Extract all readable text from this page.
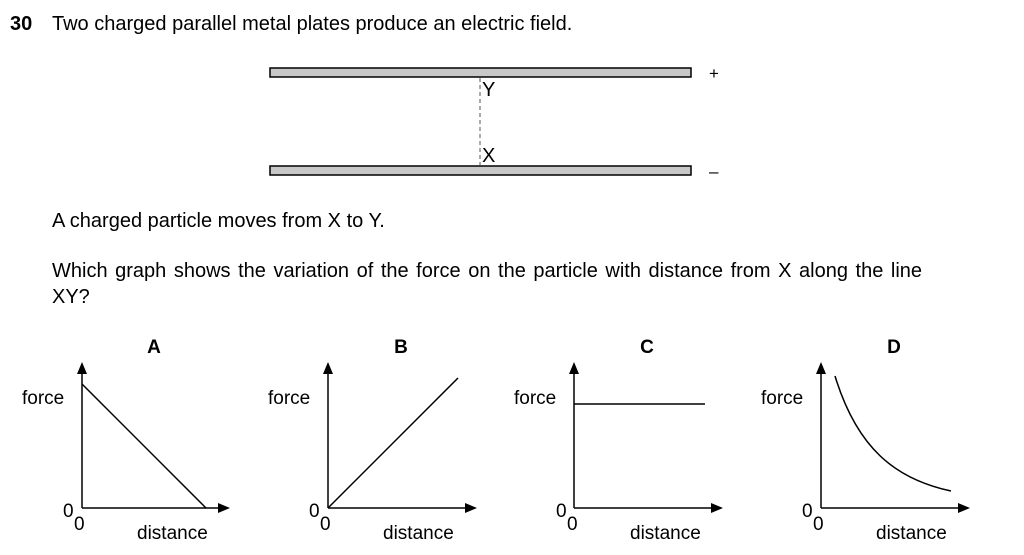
30 Two charged parallel metal plates produce an electric field.
Y
X
+
–
A
force
distance
0
0
B
force
distance
0
0
C
force
distance
0
0
D
force
distance
0
0
A charged particle moves from X to Y.
Which graph shows the variation of the force on the particle with distance from X along the line
XY?
